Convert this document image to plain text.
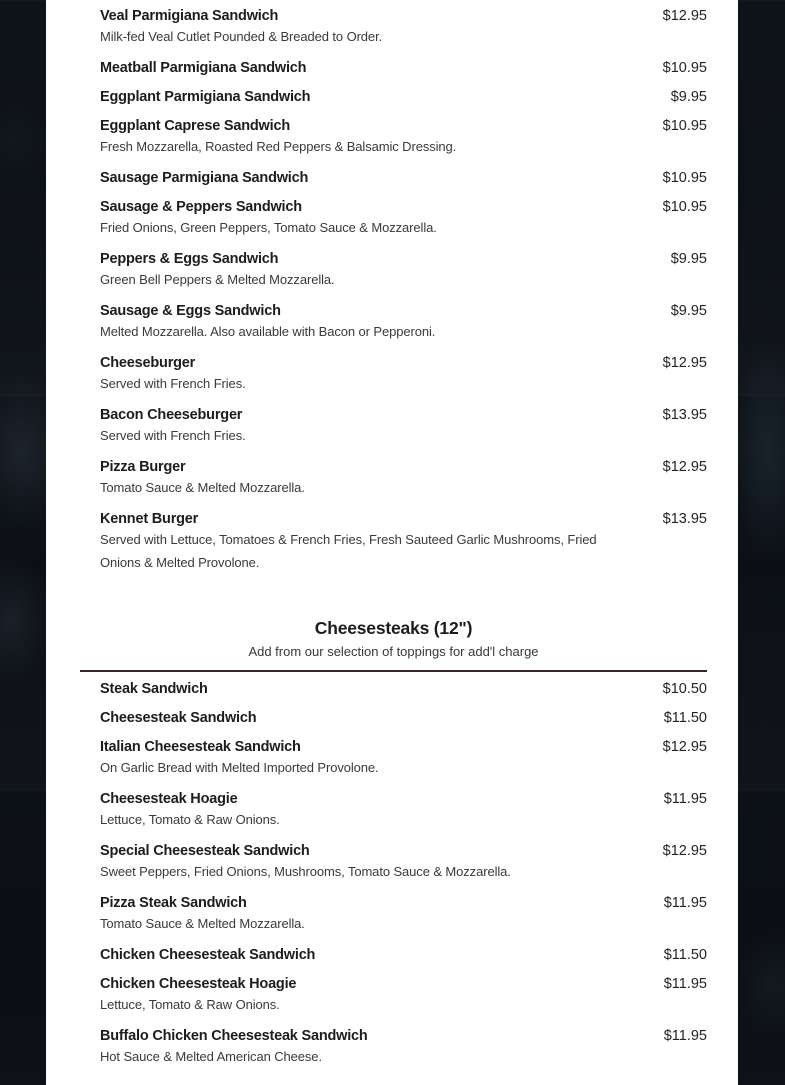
Veal Parmigiana Sandwich	$12.95
Milk-fed Veal Cutlet Pounded & Breaded to Order.
Meatball Parmigiana Sandwich	$10.95
Eggplant Parmigiana Sandwich	$9.95
Eggplant Caprese Sandwich	$10.95
Fresh Mozzarella, Roasted Red Peppers & Balsamic Dressing.
Sausage Parmigiana Sandwich	$10.95
Sausage & Peppers Sandwich	$10.95
Fried Onions, Green Peppers, Tomato Sauce & Mozzarella.
Peppers & Eggs Sandwich	$9.95
Green Bell Peppers & Melted Mozzarella.
Sausage & Eggs Sandwich	$9.95
Melted Mozzarella. Also available with Bacon or Pepperoni.
Cheeseburger	$12.95
Served with French Fries.
Bacon Cheeseburger	$13.95
Served with French Fries.
Pizza Burger	$12.95
Tomato Sauce & Melted Mozzarella.
Kennet Burger	$13.95
Served with Lettuce, Tomatoes & French Fries, Fresh Sauteed Garlic Mushrooms, Fried Onions & Melted Provolone.
Cheesesteaks (12")
Add from our selection of toppings for add'l charge
Steak Sandwich	$10.50
Cheesesteak Sandwich	$11.50
Italian Cheesesteak Sandwich	$12.95
On Garlic Bread with Melted Imported Provolone.
Cheesesteak Hoagie	$11.95
Lettuce, Tomato & Raw Onions.
Special Cheesesteak Sandwich	$12.95
Sweet Peppers, Fried Onions, Mushrooms, Tomato Sauce & Mozzarella.
Pizza Steak Sandwich	$11.95
Tomato Sauce & Melted Mozzarella.
Chicken Cheesesteak Sandwich	$11.50
Chicken Cheesesteak Hoagie	$11.95
Lettuce, Tomato & Raw Onions.
Buffalo Chicken Cheesesteak Sandwich	$11.95
Hot Sauce & Melted American Cheese.
